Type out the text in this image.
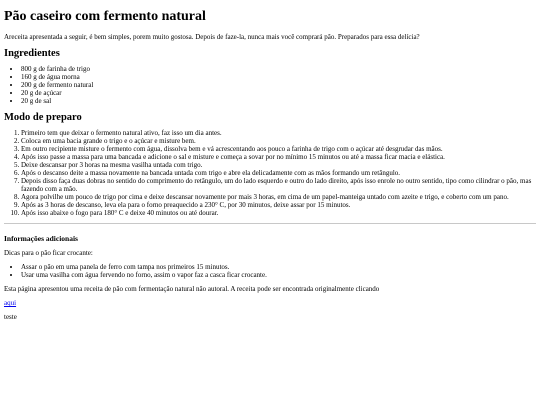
Pão caseiro com fermento natural

Areceita apresentada a seguir, é bem simples, porem muito gostosa. Depois de faze-la, nunca mais você comprará pão. Preparados para essa delícia?

Ingredientes
• 800 g de farinha de trigo
• 160 g de água morna
• 200 g de fermento natural
• 20 g de açúcar
• 20 g de sal
Modo de preparo
1. Primeiro tem que deixar o fermento natural ativo, faz isso um dia antes.
2. Coloca em uma bacia grande o trigo e o açúcar e misture bem.
3. Em outro recipiente misture o fermento com água, dissolva bem e vá acrescentando aos pouco a farinha de trigo com o açúcar até desgrudar das mãos.
4. Após isso passe a massa para uma bancada e adicione o sal e misture e começa a sovar por no mínimo 15 minutos ou até a massa ficar macia e elástica.
5. Deixe descansar por 3 horas na mesma vasilha untada com trigo.
6. Após o descanso deite a massa novamente na bancada untada com trigo e abre ela delicadamente com as mãos formando um retângulo.
7. Depois disso faça duas dobras no sentido do comprimento do retângulo, um do lado esquerdo e outro do lado direito, após isso enrole no outro sentido, tipo como cilindrar o pão, mas fazendo com a mão.
8. Agora polvilhe um pouco de trigo por cima e deixe descansar novamente por mais 3 horas, em cima de um papel-manteiga untado com azeite e trigo, e coberto com um pano.
9. Após as 3 horas de descanso, leva ela para o forno preaquecido a 230° C, por 30 minutos, deixe assar por 15 minutos.
10. Após isso abaixe o fogo para 180° C e deixe 40 minutos ou até dourar.
Informações adicionais

Dicas para o pão ficar crocante:

• Assar o pão em uma panela de ferro com tampa nos primeiros 15 minutos.
• Usar uma vasilha com água fervendo no forno, assim o vapor faz a casca ficar crocante.

Esta página apresentou uma receita de pão com fermentação natural não autoral. A receita pode ser encontrada originalmente clicando

aqui

teste
